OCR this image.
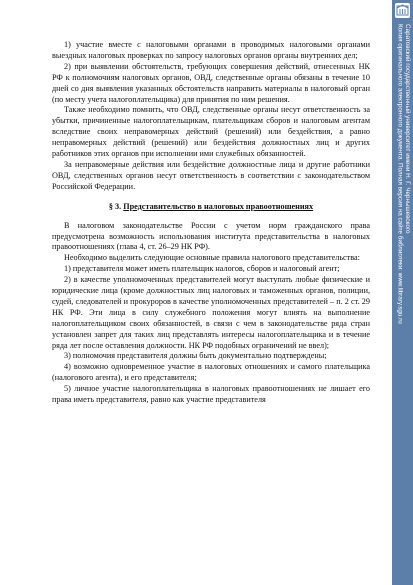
1) участие вместе с налоговыми органами в проводимых налоговыми органами выездных налоговых проверках по запросу налоговых органов органы внутренних дел;

2) при выявлении обстоятельств, требующих совершения действий, отнесенных НК РФ к полномочиям налоговых органов, ОВД, следственные органы обязаны в течение 10 дней со дня выявления указанных обстоятельств направить материалы в налоговый орган (по месту учета налогоплательщика) для принятия по ним решения.

Также необходимо помнить, что ОВД, следственные органы несут ответственность за убытки, причиненные налогоплательщикам, плательщикам сборов и налоговым агентам вследствие своих неправомерных действий (решений) или бездействия, а равно неправомерных действий (решений) или бездействия должностных лиц и других работников этих органов при исполнении ими служебных обязанностей.

За неправомерные действия или бездействие должностные лица и другие работники ОВД, следственных органов несут ответственность в соответствии с законодательством Российской Федерации.

§ 3. Представительство в налоговых правоотношениях

В налоговом законодательстве России с учетом норм гражданского права предусмотрена возможность использования института представительства в налоговых правоотношениях (глава 4, ст. 26–29 НК РФ).

Необходимо выделить следующие основные правила налогового представительства:

1) представителя может иметь плательщик налогов, сборов и налоговый агент;

2) в качестве уполномоченных представителей могут выступать любые физические и юридические лица (кроме должностных лиц налоговых и таможенных органов, полиции, судей, следователей и прокуроров в качестве уполномоченных представителей – п. 2 ст. 29 НК РФ. Эти лица в силу служебного положения могут влиять на выполнение налогоплательщиком своих обязанностей, в связи с чем в законодательстве ряда стран установлен запрет для таких лиц представлять интересы налогоплательщика и в течение ряда лет после оставления должности. НК РФ подобных ограничений не ввел);

3) полномочия представителя должны быть документально подтверждены;

4) возможно одновременное участие в налоговых отношениях и самого плательщика (налогового агента), и его представителя;

5) личное участие налогоплательщика в налоговых правоотношениях не лишает его права иметь представителя, равно как участие представителя

Саратовский государственный университет имени Н. Г. Чернышевского
Копия оригинального электронного документа. Полная версия на сайте библиотеки: www.library.sgu.ru
